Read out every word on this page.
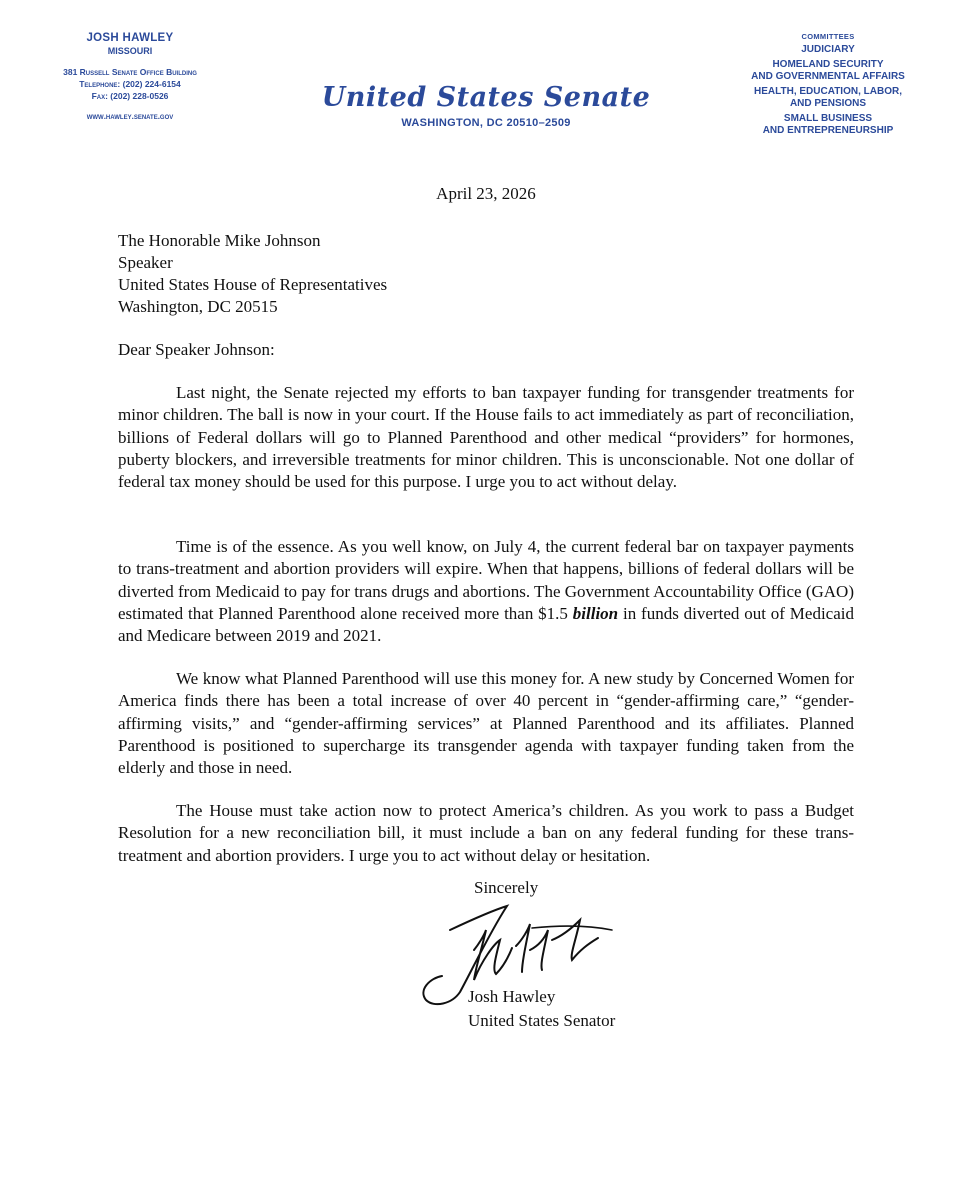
JOSH HAWLEY
MISSOURI
381 Russell Senate Office Building
Telephone: (202) 224-6154
Fax: (202) 228-0526
www.hawley.senate.gov
United States Senate
WASHINGTON, DC 20510–2509
COMMITTEES
JUDICIARY
HOMELAND SECURITY
AND GOVERNMENTAL AFFAIRS
HEALTH, EDUCATION, LABOR,
AND PENSIONS
SMALL BUSINESS
AND ENTREPRENEURSHIP
April 23, 2026
The Honorable Mike Johnson
Speaker
United States House of Representatives
Washington, DC 20515
Dear Speaker Johnson:
Last night, the Senate rejected my efforts to ban taxpayer funding for transgender treatments for minor children. The ball is now in your court. If the House fails to act immediately as part of reconciliation, billions of Federal dollars will go to Planned Parenthood and other medical “providers” for hormones, puberty blockers, and irreversible treatments for minor children. This is unconscionable. Not one dollar of federal tax money should be used for this purpose. I urge you to act without delay.
Time is of the essence. As you well know, on July 4, the current federal bar on taxpayer payments to trans-treatment and abortion providers will expire. When that happens, billions of federal dollars will be diverted from Medicaid to pay for trans drugs and abortions. The Government Accountability Office (GAO) estimated that Planned Parenthood alone received more than $1.5 billion in funds diverted out of Medicaid and Medicare between 2019 and 2021.
We know what Planned Parenthood will use this money for. A new study by Concerned Women for America finds there has been a total increase of over 40 percent in “gender-affirming care,” “gender-affirming visits,” and “gender-affirming services” at Planned Parenthood and its affiliates. Planned Parenthood is positioned to supercharge its transgender agenda with taxpayer funding taken from the elderly and those in need.
The House must take action now to protect America’s children. As you work to pass a Budget Resolution for a new reconciliation bill, it must include a ban on any federal funding for these trans-treatment and abortion providers. I urge you to act without delay or hesitation.
Sincerely
Josh Hawley
United States Senator
